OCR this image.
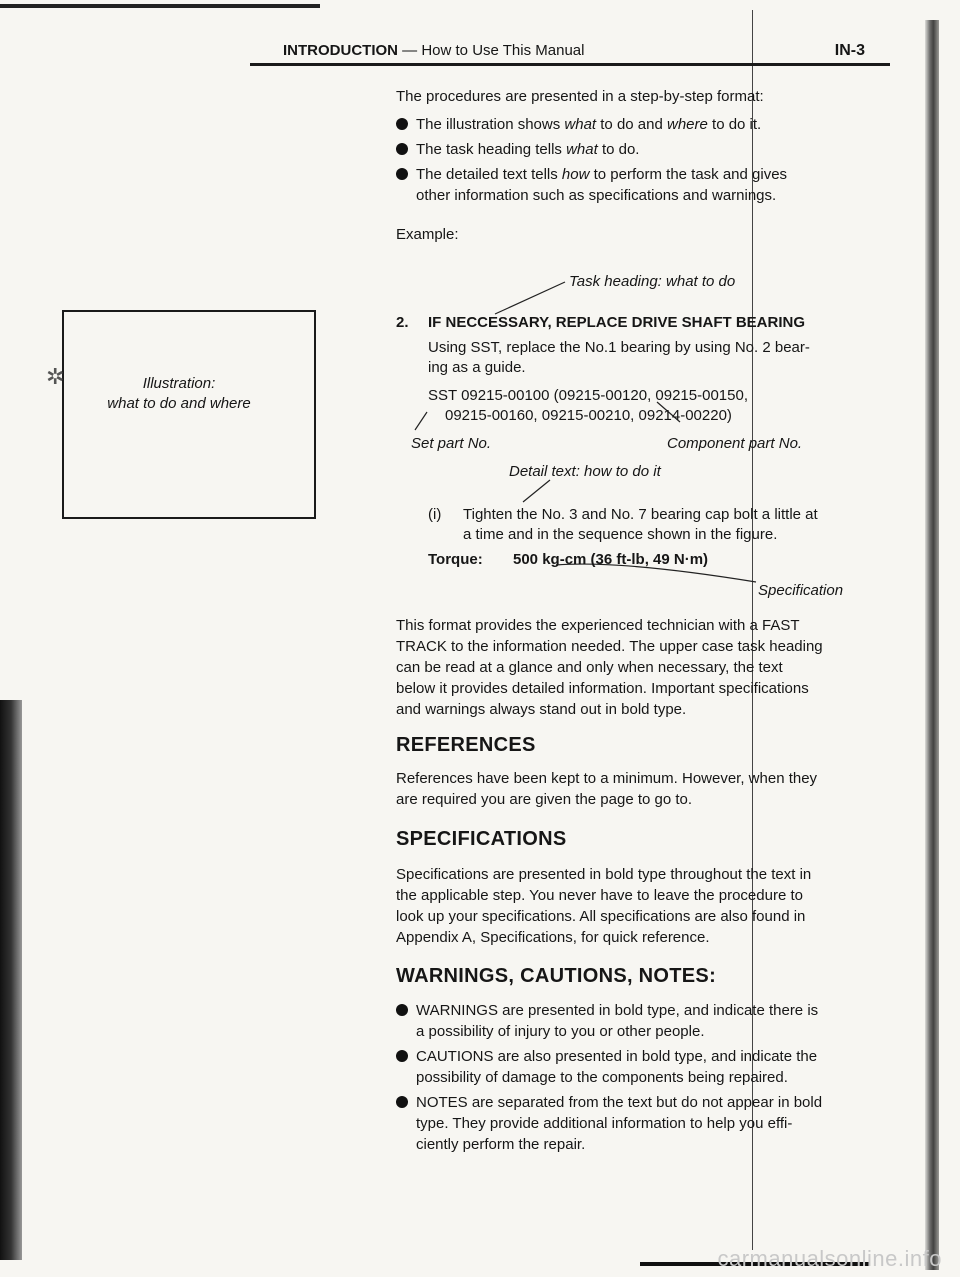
INTRODUCTION — How to Use This Manual	IN-3
The procedures are presented in a step-by-step format:
The illustration shows what to do and where to do it.
The task heading tells what to do.
The detailed text tells how to perform the task and gives
other information such as specifications and warnings.
Example:
Illustration:
what to do and where
✲
Task heading: what to do
2. IF NECCESSARY, REPLACE DRIVE SHAFT BEARING
Using SST, replace the No.1 bearing by using No. 2 bear-
ing as a guide.
SST 09215-00100 (09215-00120, 09215-00150,
09215-00160, 09215-00210, 09214-00220)
Set part No.	Component part No.
Detail text: how to do it
(i) Tighten the No. 3 and No. 7 bearing cap bolt a little at
a time and in the sequence shown in the figure.
Torque: 500 kg-cm (36 ft-lb, 49 N·m)
Specification
This format provides the experienced technician with a FAST
TRACK to the information needed. The upper case task heading
can be read at a glance and only when necessary, the text
below it provides detailed information. Important specifications
and warnings always stand out in bold type.
REFERENCES
References have been kept to a minimum. However, when they
are required you are given the page to go to.
SPECIFICATIONS
Specifications are presented in bold type throughout the text in
the applicable step. You never have to leave the procedure to
look up your specifications. All specifications are also found in
Appendix A, Specifications, for quick reference.
WARNINGS, CAUTIONS, NOTES:
WARNINGS are presented in bold type, and indicate there is
a possibility of injury to you or other people.
CAUTIONS are also presented in bold type, and indicate the
possibility of damage to the components being repaired.
NOTES are separated from the text but do not appear in bold
type. They provide additional information to help you effi-
ciently perform the repair.
carmanualsonline.info
